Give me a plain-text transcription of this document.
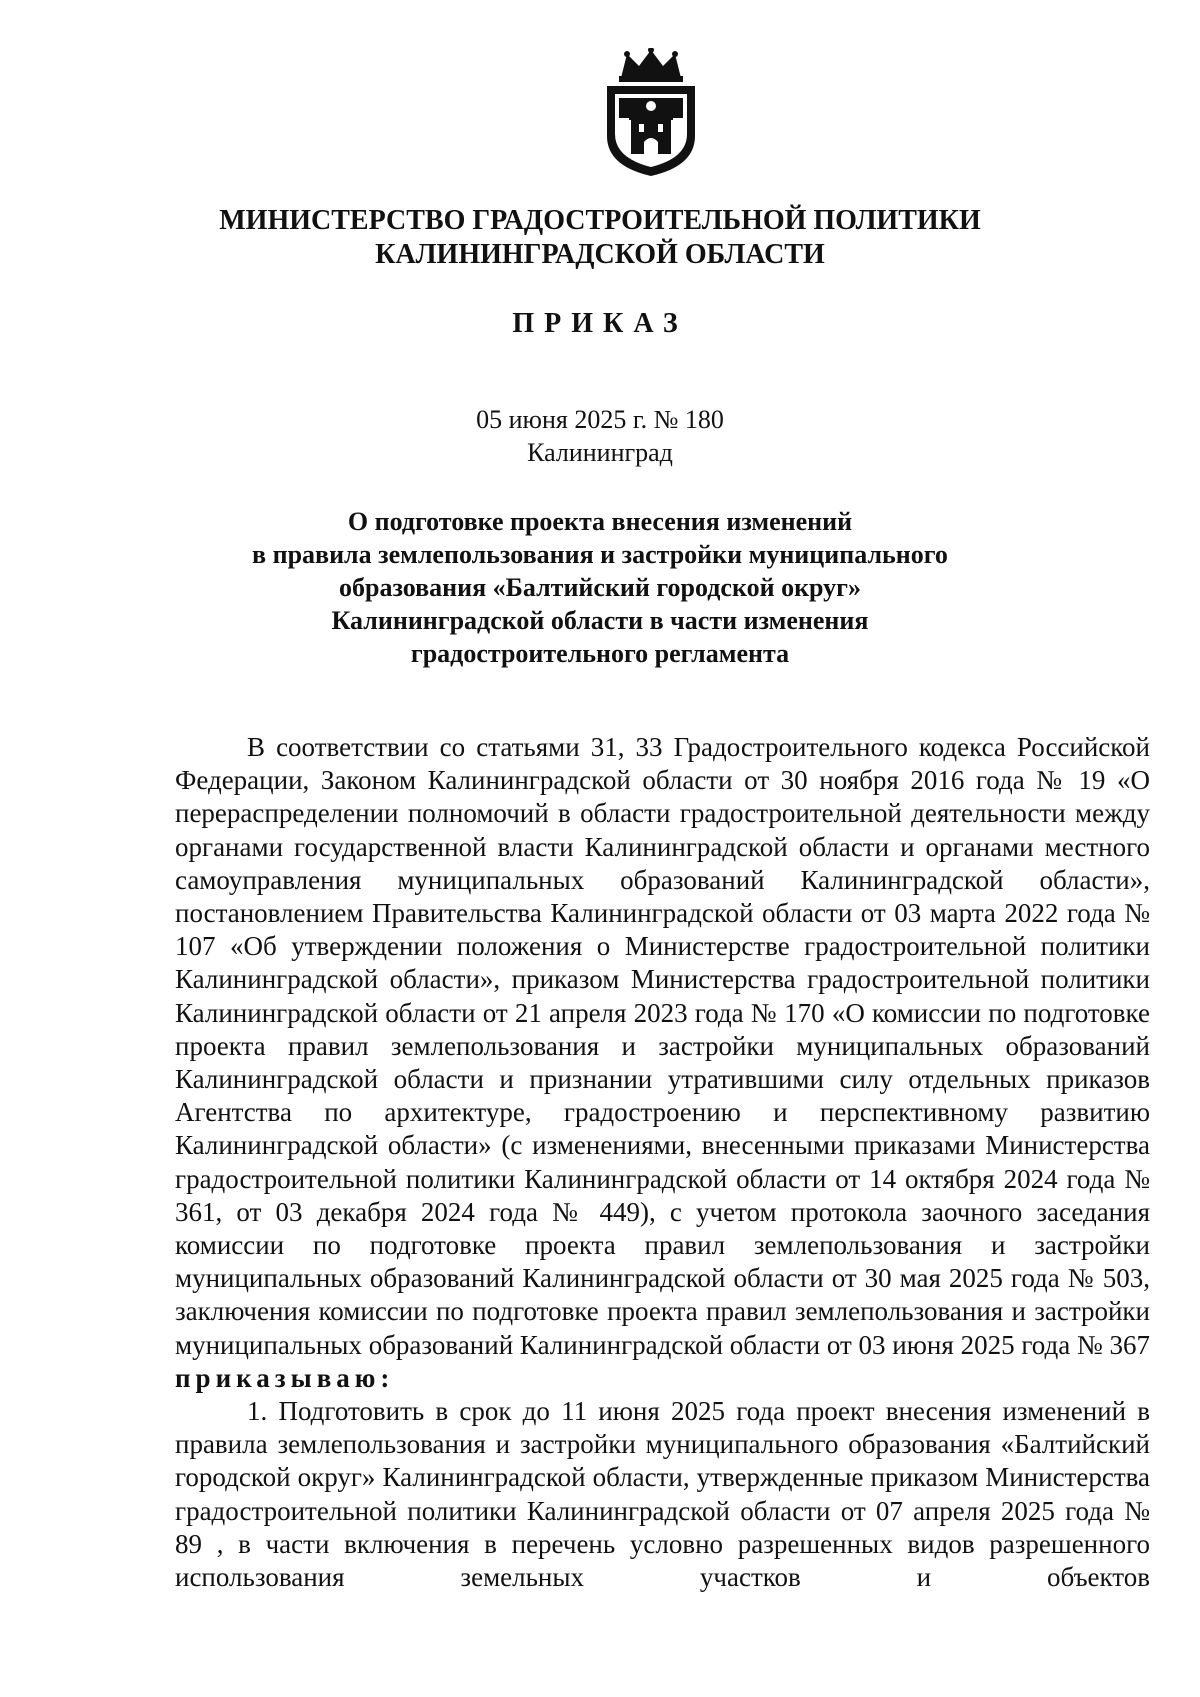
МИНИСТЕРСТВО ГРАДОСТРОИТЕЛЬНОЙ ПОЛИТИКИ
КАЛИНИНГРАДСКОЙ ОБЛАСТИ
ПРИКАЗ
05 июня 2025 г. № 180
Калининград
О подготовке проекта внесения изменений
в правила землепользования и застройки муниципального
образования «Балтийский городской округ»
Калининградской области в части изменения
градостроительного регламента

В соответствии со статьями 31, 33 Градостроительного кодекса Российской Федерации, Законом Калининградской области от 30 ноября 2016 года № 19 «О перераспределении полномочий в области градостроительной деятельности между органами государственной власти Калининградской области и органами местного самоуправления муниципальных образований Калининградской области», постановлением Правительства Калининградской области от 03 марта 2022 года № 107 «Об утверждении положения о Министерстве градостроительной политики Калининградской области», приказом Министерства градостроительной политики Калининградской области от 21 апреля 2023 года № 170 «О комиссии по подготовке проекта правил землепользования и застройки муниципальных образований Калининградской области и признании утратившими силу отдельных приказов Агентства по архитектуре, градостроению и перспективному развитию Калининградской области» (с изменениями, внесенными приказами Министерства градостроительной политики Калининградской области от 14 октября 2024 года № 361, от 03 декабря 2024 года № 449), с учетом протокола заочного заседания комиссии по подготовке проекта правил землепользования и застройки муниципальных образований Калининградской области от 30 мая 2025 года № 503, заключения комиссии по подготовке проекта правил землепользования и застройки муниципальных образований Калининградской области от 03 июня 2025 года № 367 приказываю:

1. Подготовить в срок до 11 июня 2025 года проект внесения изменений в правила землепользования и застройки муниципального образования «Балтийский городской округ» Калининградской области, утвержденные приказом Министерства градостроительной политики Калининградской области от 07 апреля 2025 года № 89 , в части включения в перечень условно разрешенных видов разрешенного использования земельных участков и объектов
